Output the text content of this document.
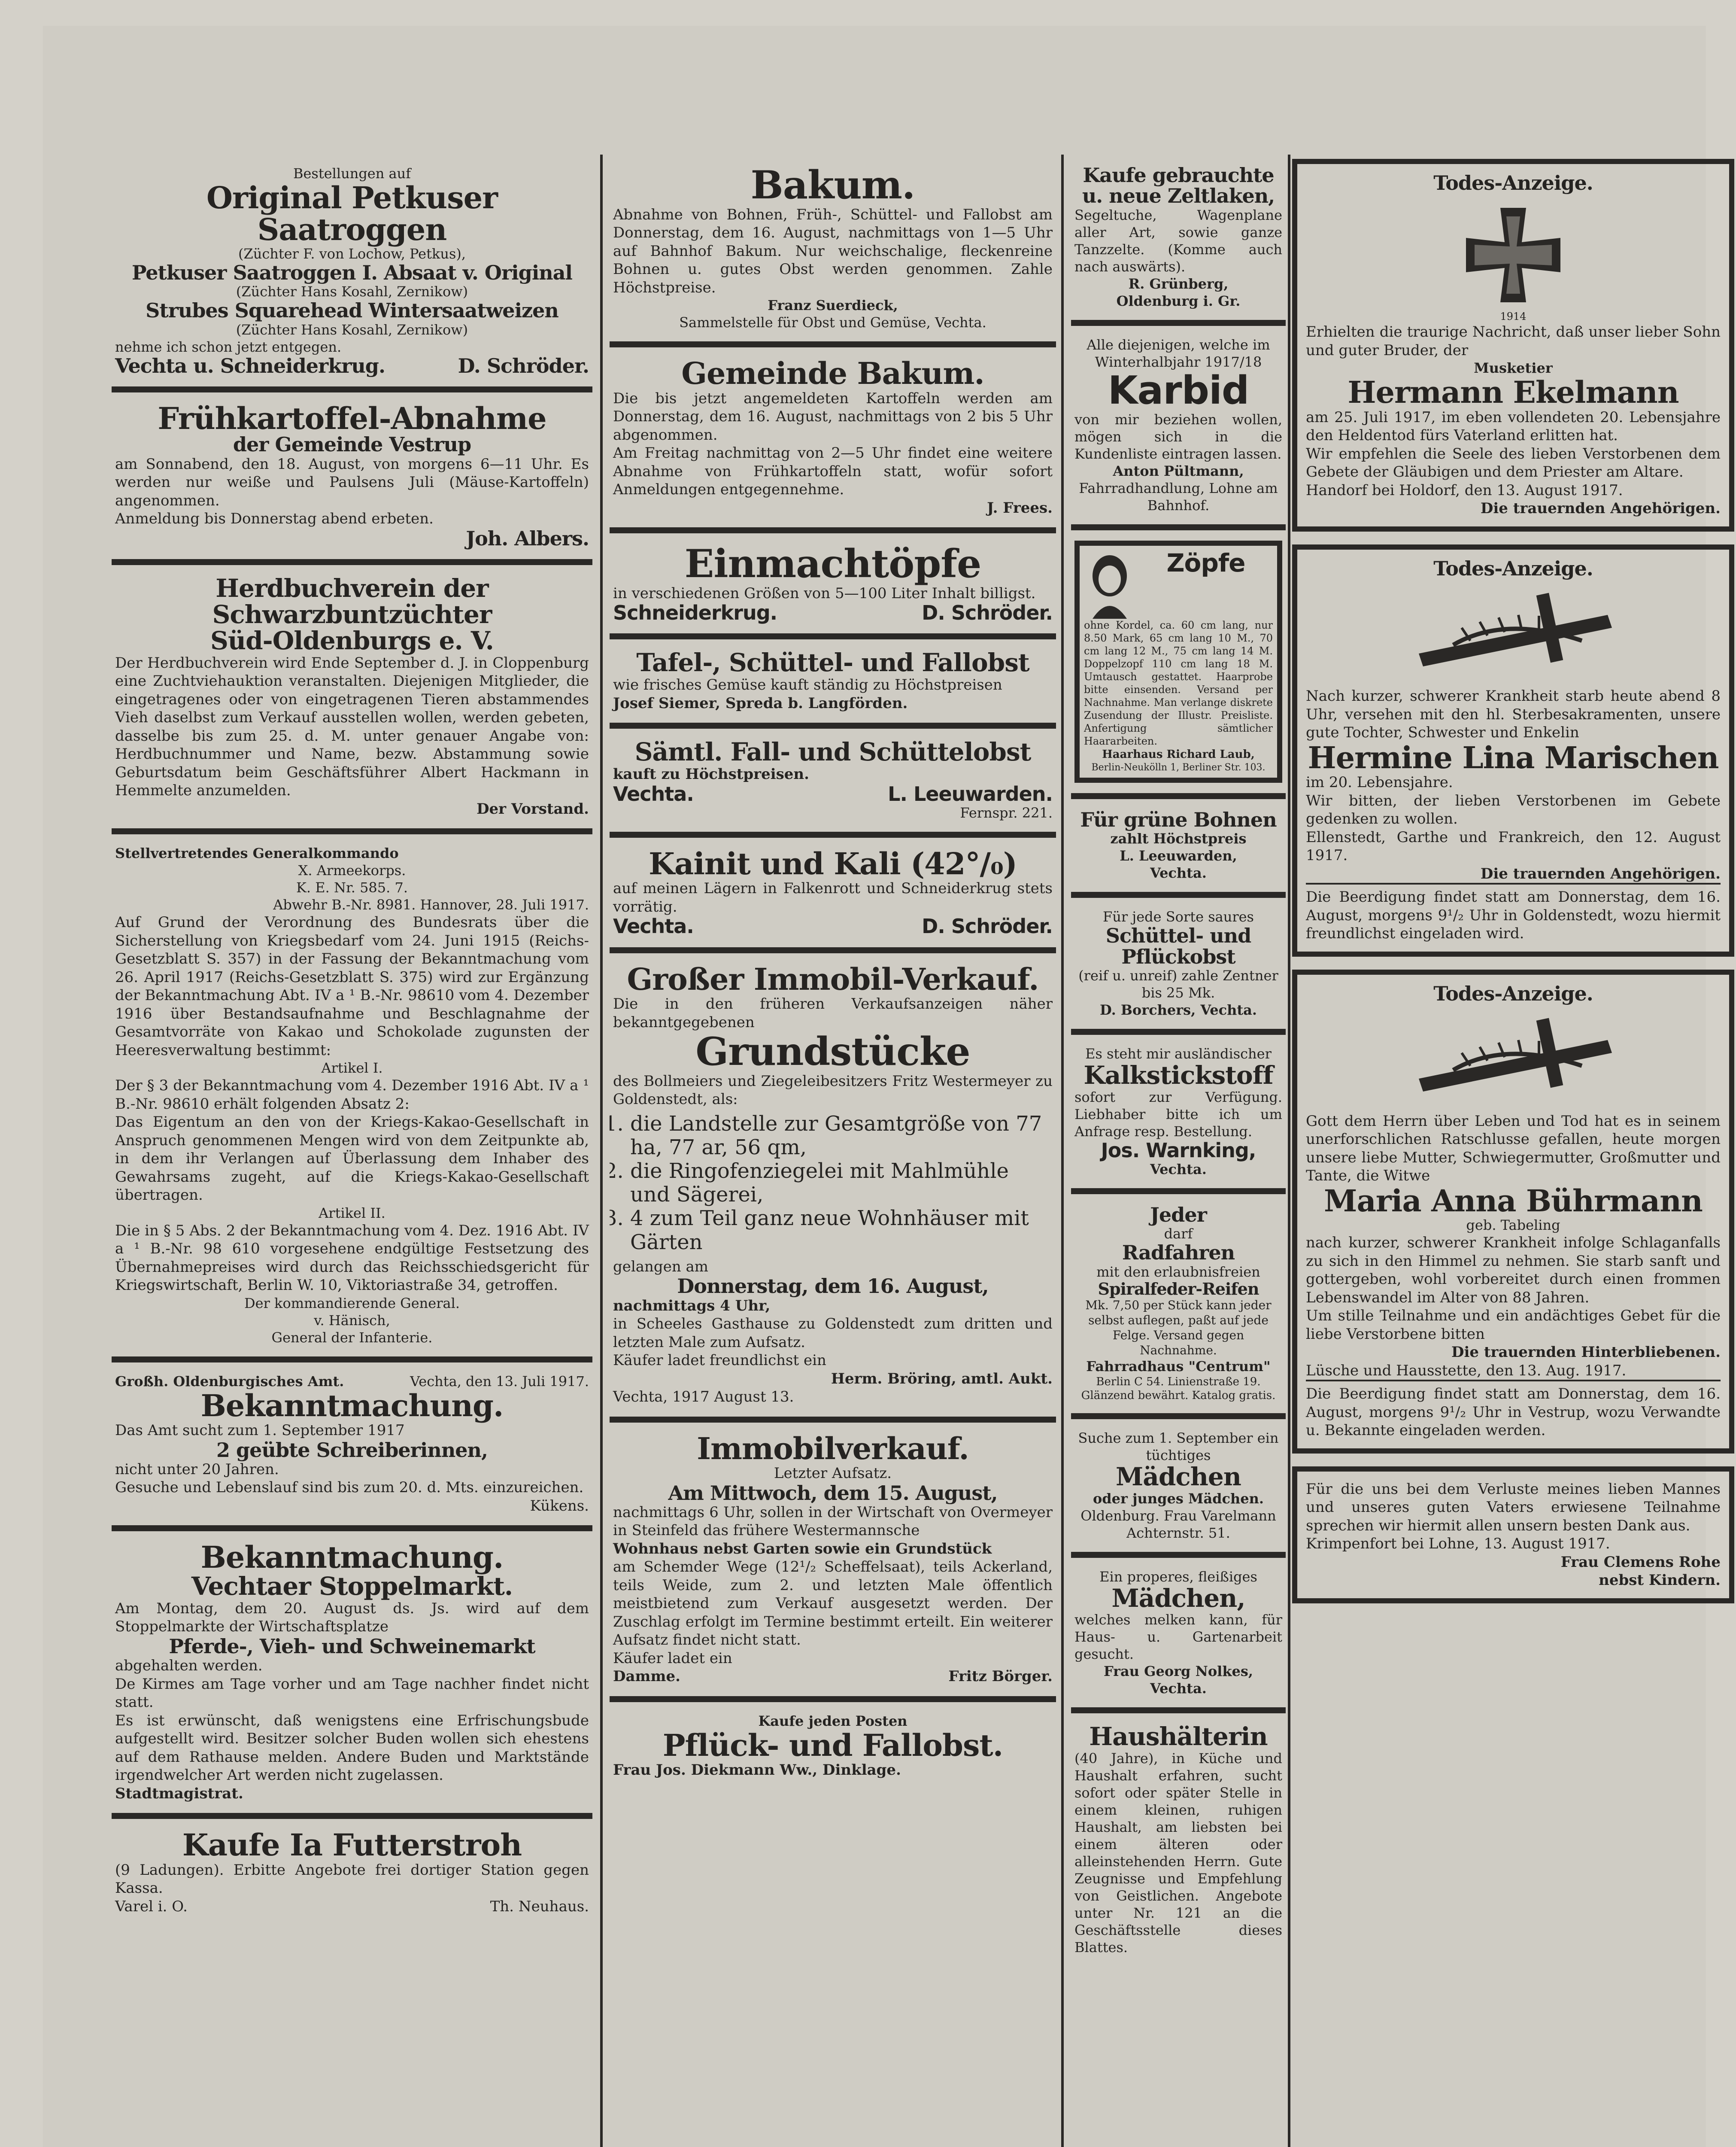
Bestellungen auf
Original Petkuser Saatroggen
(Züchter F. von Lochow, Petkus),
Petkuser Saatroggen I. Absaat v. Original
(Züchter Hans Kosahl, Zernikow)
Strubes Squarehead Wintersaatweizen
(Züchter Hans Kosahl, Zernikow)
nehme ich schon jetzt entgegen.
Vechta u. Schneiderkrug.	D. Schröder.
Frühkartoffel-Abnahme
der Gemeinde Vestrup
am Sonnabend, den 18. August, von morgens 6—11 Uhr. Es werden nur weiße und Paulsens Juli (Mäuse-Kartoffeln) angenommen.
Anmeldung bis Donnerstag abend erbeten.
Joh. Albers.
Herdbuchverein der Schwarzbuntzüchter
Süd-Oldenburgs e. V.
Der Herdbuchverein wird Ende September d. J. in Cloppenburg eine Zuchtviehauktion veranstalten. Diejenigen Mitglieder, die eingetragenes oder von eingetragenen Tieren abstammendes Vieh daselbst zum Verkauf ausstellen wollen, werden gebeten, dasselbe bis zum 25. d. M. unter genauer Angabe von: Herdbuchnummer und Name, bezw. Abstammung sowie Geburtsdatum beim Geschäftsführer Albert Hackmann in Hemmelte anzumelden.
Der Vorstand.
Stellvertretendes Generalkommando
X. Armeekorps.
K. E. Nr. 585. 7.
Abwehr B.-Nr. 8981. Hannover, 28. Juli 1917.
Auf Grund der Verordnung des Bundesrats über die Sicherstellung von Kriegsbedarf vom 24. Juni 1915 (Reichs-Gesetzblatt S. 357) in der Fassung der Bekanntmachung vom 26. April 1917 (Reichs-Gesetzblatt S. 375) wird zur Ergänzung der Bekanntmachung Abt. IV a ¹ B.-Nr. 98610 vom 4. Dezember 1916 über Bestandsaufnahme und Beschlagnahme der Gesamtvorräte von Kakao und Schokolade zugunsten der Heeresverwaltung bestimmt:
Artikel I.
Der § 3 der Bekanntmachung vom 4. Dezember 1916 Abt. IV a ¹ B.-Nr. 98610 erhält folgenden Absatz 2:
Das Eigentum an den von der Kriegs-Kakao-Gesellschaft in Anspruch genommenen Mengen wird von dem Zeitpunkte ab, in dem ihr Verlangen auf Überlassung dem Inhaber des Gewahrsams zugeht, auf die Kriegs-Kakao-Gesellschaft übertragen.
Artikel II.
Die in § 5 Abs. 2 der Bekanntmachung vom 4. Dez. 1916 Abt. IV a ¹ B.-Nr. 98 610 vorgesehene endgültige Festsetzung des Übernahmepreises wird durch das Reichsschiedsgericht für Kriegswirtschaft, Berlin W. 10, Viktoriastraße 34, getroffen.
Der kommandierende General.
v. Hänisch,
General der Infanterie.
Großh. Oldenburgisches Amt.	Vechta, den 13. Juli 1917.
Bekanntmachung.
Das Amt sucht zum 1. September 1917
2 geübte Schreiberinnen,
nicht unter 20 Jahren.
Gesuche und Lebenslauf sind bis zum 20. d. Mts. einzureichen.
Kükens.
Bekanntmachung.
Vechtaer Stoppelmarkt.
Am Montag, dem 20. August ds. Js. wird auf dem Stoppelmarkte der Wirtschaftsplatze
Pferde-, Vieh- und Schweinemarkt
abgehalten werden.
De Kirmes am Tage vorher und am Tage nachher findet nicht statt.
Es ist erwünscht, daß wenigstens eine Erfrischungsbude aufgestellt wird. Besitzer solcher Buden wollen sich ehestens auf dem Rathause melden. Andere Buden und Marktstände irgendwelcher Art werden nicht zugelassen.
Stadtmagistrat.
Kaufe Ia Futterstroh
(9 Ladungen). Erbitte Angebote frei dortiger Station gegen Kassa.
Varel i. O.	Th. Neuhaus.
Bakum.
Abnahme von Bohnen, Früh-, Schüttel- und Fallobst am Donnerstag, dem 16. August, nachmittags von 1—5 Uhr auf Bahnhof Bakum. Nur weichschalige, fleckenreine Bohnen u. gutes Obst werden genommen. Zahle Höchstpreise.
Franz Suerdieck,
Sammelstelle für Obst und Gemüse, Vechta.
Gemeinde Bakum.
Die bis jetzt angemeldeten Kartoffeln werden am Donnerstag, dem 16. August, nachmittags von 2 bis 5 Uhr abgenommen.
Am Freitag nachmittag von 2—5 Uhr findet eine weitere Abnahme von Frühkartoffeln statt, wofür sofort Anmeldungen entgegennehme.
J. Frees.
Einmachtöpfe
in verschiedenen Größen von 5—100 Liter Inhalt billigst.
Schneiderkrug.	D. Schröder.
Tafel-, Schüttel- und Fallobst
wie frisches Gemüse kauft ständig zu Höchstpreisen
Josef Siemer, Spreda b. Langförden.
Sämtl. Fall- und Schüttelobst
kauft zu Höchstpreisen.
Vechta.	L. Leeuwarden.
Fernspr. 221.
Kainit und Kali (42°/₀)
auf meinen Lägern in Falkenrott und Schneiderkrug stets vorrätig.
Vechta.	D. Schröder.
Großer Immobil-Verkauf.
Die in den früheren Verkaufsanzeigen näher bekanntgegebenen
Grundstücke
des Bollmeiers und Ziegeleibesitzers Fritz Westermeyer zu Goldenstedt, als:
1. die Landstelle zur Gesamtgröße von 77 ha, 77 ar, 56 qm,
2. die Ringofenziegelei mit Mahlmühle und Sägerei,
3. 4 zum Teil ganz neue Wohnhäuser mit Gärten
gelangen am
Donnerstag, dem 16. August,
nachmittags 4 Uhr,
in Scheeles Gasthause zu Goldenstedt zum dritten und letzten Male zum Aufsatz.
Käufer ladet freundlichst ein
Herm. Bröring, amtl. Aukt.
Vechta, 1917 August 13.
Immobilverkauf.
Letzter Aufsatz.
Am Mittwoch, dem 15. August,
nachmittags 6 Uhr, sollen in der Wirtschaft von Overmeyer in Steinfeld das frühere Westermannsche
Wohnhaus nebst Garten sowie ein Grundstück
am Schemder Wege (12¹/₂ Scheffelsaat), teils Ackerland, teils Weide, zum 2. und letzten Male öffentlich meistbietend zum Verkauf ausgesetzt werden. Der Zuschlag erfolgt im Termine bestimmt erteilt. Ein weiterer Aufsatz findet nicht statt.
Käufer ladet ein
Damme.	Fritz Börger.
Kaufe jeden Posten
Pflück- und Fallobst.
Frau Jos. Diekmann Ww., Dinklage.
Kaufe gebrauchte u. neue Zeltlaken,
Segeltuche, Wagenplane aller Art, sowie ganze Tanzzelte. (Komme auch nach auswärts).
R. Grünberg,
Oldenburg i. Gr.
Alle diejenigen, welche im Winterhalbjahr 1917/18
Karbid
von mir beziehen wollen, mögen sich in die Kundenliste eintragen lassen.
Anton Pültmann,
Fahrradhandlung, Lohne am Bahnhof.
Zöpfe
ohne Kordel, ca. 60 cm lang, nur 8.50 Mark, 65 cm lang 10 M., 70 cm lang 12 M., 75 cm lang 14 M. Doppelzopf 110 cm lang 18 M. Umtausch gestattet. Haarprobe bitte einsenden. Versand per Nachnahme. Man verlange diskrete Zusendung der Illustr. Preisliste. Anfertigung sämtlicher Haararbeiten.
Haarhaus Richard Laub,
Berlin-Neukölln 1, Berliner Str. 103.
Für grüne Bohnen
zahlt Höchstpreis
L. Leeuwarden,
Vechta.
Für jede Sorte saures
Schüttel- und Pflückobst
(reif u. unreif) zahle Zentner bis 25 Mk.
D. Borchers, Vechta.
Es steht mir ausländischer
Kalkstickstoff
sofort zur Verfügung. Liebhaber bitte ich um Anfrage resp. Bestellung.
Jos. Warnking,
Vechta.
Jeder
darf
Radfahren
mit den erlaubnisfreien
Spiralfeder-Reifen
Mk. 7,50 per Stück kann jeder selbst auflegen, paßt auf jede Felge. Versand gegen Nachnahme.
Fahrradhaus "Centrum"
Berlin C 54. Linienstraße 19. Glänzend bewährt. Katalog gratis.
Suche zum 1. September ein tüchtiges
Mädchen
oder junges Mädchen.
Oldenburg. Frau Varelmann
Achternstr. 51.
Ein properes, fleißiges
Mädchen,
welches melken kann, für Haus- u. Gartenarbeit gesucht.
Frau Georg Nolkes,
Vechta.
Haushälterin
(40 Jahre), in Küche und Haushalt erfahren, sucht sofort oder später Stelle in einem kleinen, ruhigen Haushalt, am liebsten bei einem älteren oder alleinstehenden Herrn. Gute Zeugnisse und Empfehlung von Geistlichen. Angebote unter Nr. 121 an die Geschäftsstelle dieses Blattes.
Todes-Anzeige.
1914
Erhielten die traurige Nachricht, daß unser lieber Sohn und guter Bruder, der
Musketier
Hermann Ekelmann
am 25. Juli 1917, im eben vollendeten 20. Lebensjahre den Heldentod fürs Vaterland erlitten hat.
Wir empfehlen die Seele des lieben Verstorbenen dem Gebete der Gläubigen und dem Priester am Altare.
Handorf bei Holdorf, den 13. August 1917.
Die trauernden Angehörigen.
Todes-Anzeige.
Nach kurzer, schwerer Krankheit starb heute abend 8 Uhr, versehen mit den hl. Sterbesakramenten, unsere gute Tochter, Schwester und Enkelin
Hermine Lina Marischen
im 20. Lebensjahre.
Wir bitten, der lieben Verstorbenen im Gebete gedenken zu wollen.
Ellenstedt, Garthe und Frankreich, den 12. August 1917.
Die trauernden Angehörigen.
Die Beerdigung findet statt am Donnerstag, dem 16. August, morgens 9¹/₂ Uhr in Goldenstedt, wozu hiermit freundlichst eingeladen wird.
Todes-Anzeige.
Gott dem Herrn über Leben und Tod hat es in seinem unerforschlichen Ratschlusse gefallen, heute morgen unsere liebe Mutter, Schwiegermutter, Großmutter und Tante, die Witwe
Maria Anna Bührmann
geb. Tabeling
nach kurzer, schwerer Krankheit infolge Schlaganfalls zu sich in den Himmel zu nehmen. Sie starb sanft und gottergeben, wohl vorbereitet durch einen frommen Lebenswandel im Alter von 88 Jahren.
Um stille Teilnahme und ein andächtiges Gebet für die liebe Verstorbene bitten
Die trauernden Hinterbliebenen.
Lüsche und Hausstette, den 13. Aug. 1917.
Die Beerdigung findet statt am Donnerstag, dem 16. August, morgens 9¹/₂ Uhr in Vestrup, wozu Verwandte u. Bekannte eingeladen werden.
Für die uns bei dem Verluste meines lieben Mannes und unseres guten Vaters erwiesene Teilnahme sprechen wir hiermit allen unsern besten Dank aus.
Krimpenfort bei Lohne, 13. August 1917.
Frau Clemens Rohe
nebst Kindern.
